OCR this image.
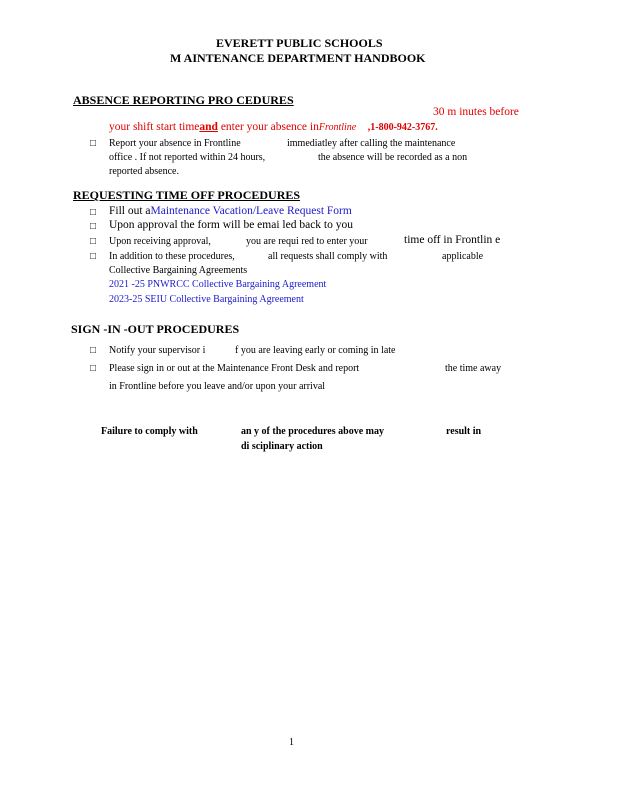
EVERETT PUBLIC SCHOOLS
M AINTENANCE DEPARTMENT HANDBOOK
ABSENCE REPORTING PRO CEDURES
30 m inutes before
your shift start timeand enter your absence inFrontline ,1-800-942-3767.
□ Report your absence in Frontline	immediatley after calling the maintenance
office . If not reported within 24 hours,	the absence will be recorded as a non
reported absence.
REQUESTING TIME OFF PROCEDURES
□ Fill out aMaintenance Vacation/Leave Request Form
□ Upon approval the form will be emai led back to you
□ Upon receiving approval,	you are requi red to enter your	time off in Frontlin e
□ In addition to these procedures,	all requests shall comply with	applicable
Collective Bargaining Agreements
2021 -25 PNWRCC Collective Bargaining Agreement
2023-25 SEIU Collective Bargaining Agreement
SIGN -IN -OUT PROCEDURES
□ Notify your supervisor i	f you are leaving early or coming in late
□ Please sign in or out at the Maintenance Front Desk and report	the time away
in Frontline before you leave and/or upon your arrival
Failure to comply with	an y of the procedures above may	result in
di sciplinary action
1
